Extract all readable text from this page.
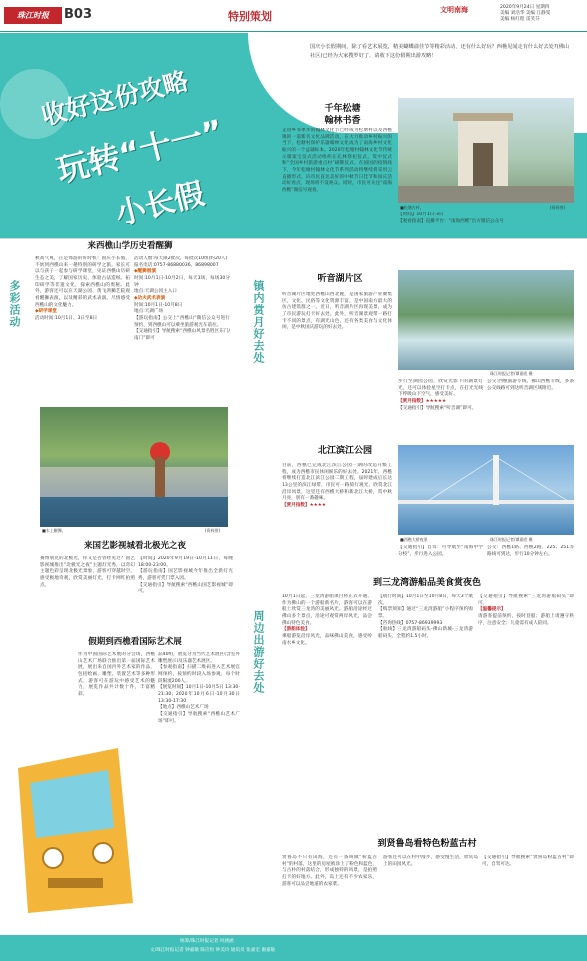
珠江时报	B03	特别策划	文明南海	2020年9月24日 星期四
美编 刘浩华 美编 江静雯
美编 杨红程 雷笑芬
国庆小长假期间，除了看艺术展览，精美蝴蝶溢佳节等精彩活动，还有什么好玩？西樵见闻走有什么好去处?(佛山社区)已经为大家搜罗好了，请收下这份假期出游攻略！
收好这份攻略
玩转“十一”
小长假
千年松塘
翰林书香
走进乡书单步的翰林文化节已经成为松塘村以及西樵镇的一道新名文化品牌活动，在大力推动乡村振兴的当下，松塘村保护乐器翰林文化成为了南海乡村文化振兴的一个益辅标本。2020年松塘村翰林文化节传统示模案宝仪式活动组织在孔林祭祀仪式，赏中仪式和“全国乡村旅游重点村”刷牌仪式。在国国的疫情线下，今年松塘村翰林文化节系列活动将继续将采用云直播形式，向市民直达美好的中秋节日佳节和国庆活动好看点，现场将不设观众。同时，市民可关注“南海西樵”微信号观看。
■松塘古村。	(资料图)
【时间】10月1日-3日
【观看指南】直播平台：“南海西樵”官方微信公众号
多彩活动
来西樵山学历史看醒狮
秋高气爽，正是郊游的好时机！国庆小长假，不妨到西樵山来一趟特别的研学之旅。家长可以与孩子一起参与研学课堂，见证西樵山历研生态之美，了解国家历史、体验古法造纸、拓印研学等非遗文化，探索西樵山的奥秘。此外，游客还可以在天湖公园、黄飞鸿狮艺院观看醒狮表演，以及精彩的武术表演，尽情感受西樵山的文化魅力。
◆研学课堂
活动时间:10月1日、3日至8日
活动人数:每天限2批次，每批次10组(约20人)
报名电话:0757-86880036、86898007
◆醒狮展演
时间:10月1日-10月2日，每天3场，每场30分钟
地点:天湖公园主入口
◆功夫武术表演
时间:10月1日-10月8日
地点:天湖广场
【游玩指南】公交上“西樵山”微信公众号进行预约，到西樵山可以乘坐旅游观光车前往。
【交通指引】导航搜索“西樵山风景名胜区东门/南门”即可
■水上醒狮。	(资料图)
镇内赏月好去处
听音湖片区
听音湖片区地处西樵山西北麓，是国家旅游产业聚集区，文化、民俗等文化资源丰富，是中国南方最大的仿古建筑群之一。近日，听音湖片区再现美景，成为了市民游玩打卡好去处。此外，听音湖景观带一路打卡不同的景点，有湖光山色，还有各类美食与文化休闲，是中秋国庆游玩的好去处。
珠江时报记者/谭嘉欣 摄
步行至湖园公园，欣赏光影下的湖景灯光，还可以体验星空打卡点，在打光光线下呼吸山下空气，感受美好。
【赏月指数】★★★★★
【交通指引】导航搜索“听音湖”即可。
公交:西樵旅游专线、佛山西樵专线，多条公交线路可到达听音湖区域附近。
北江滨江公园
目前，西樵已完成北江滨江公园一期的改造升级工程，成为西樵市民休闲娱乐的好去处。2021年，西樵将继续打造北江滨江公园二期工程，届时建成后长达13公里的滨江绿带，市民可一路骑行观光，欣赏北江沿岸风景，这里还有西樵大桥和新北江大桥，赏中秋月亮，别有一番趣味。
【赏月指数】★★★★
■西樵大桥夜景	珠江时报记者/谭嘉欣 摄
【交通指引】自驾：可导航至“南海中学分校”，步行进入公园。
公交：西樵1路、西樵2路、225、251等路线可到达，步行10分钟左右。
来国艺影视城看北极光之夜
赛博朋克的北极光，你又是否曾经见过？国艺影视城推出“北极光之夜”主题灯光秀，以奇幻主题色彩呈现北极光景象，游客可穿越时空，感受极地奇观，欣赏美丽灯光，打卡网红拍照点。
【时间】2020年9月19日-10月11日，每晚18:00-23:00。
【游玩指南】国艺影视城今年推出全新灯光秀，游客可凭门票入园。
【交通指引】导航搜索“西樵山国艺影视城”即可。
假期到西樵看国际艺术展
作为中国国际艺术展的分会场，西樵山艺术广场联合推出第一届国际艺术展，展出来自国内外艺术家的作品，包括绘画、雕塑、装置艺术等多种形式，游客可在游玩中感受艺术的魅力，展览作品共计数十件，丰富精彩。
品40组，展览分为当代艺术展区(含室外雕塑展示)及乐器艺术展区。
【参观指南】扫描二维码进入艺术展官网预约，按预约时段入场参观，每个时段限流200人。
【展览时间】10月1日-10月5日 13:30-21:30；2020年10月6日-10月30日 13:30-17:30
【地点】西樵山艺术广场
【交通指引】导航搜索“西樵山艺术广场”即可。
周边出游好去处
到三龙湾游船品美食赏夜色
10月1日起，三龙湾游船项目将正式开通，作为佛山的一个游船新名片，游客可以在游船上欣赏三龙湾的美丽风光。游船沿途经过佛山多个景点，沿途可观赏两岸风光，品尝佛山特色美食。
【游船体验】
乘船游览沿岸风光，品味佛山美食，感受岭南水乡文化。
【航行时间】10月1日至10月8日，每天3个航次。
【购票须知】通过“三龙湾游船”小程序预约购票。
【咨询热线】0757-86939993
【航线】三龙湾游船码头-佛山新城-三龙湾游船码头，全程约1.5小时。
【交通指引】导航搜索“三龙湾游船码头”即可。
【温馨提示】
请游客提前预约，按时登船；游船上请遵守秩序，注意安全；儿童需有成人陪同。
到贤鲁岛看特色粉蓝古村
贤鲁岛不只有田海，还有一条叫做“粉蓝古村”的村落，这里的房屋被涂上了粉色和蓝色，与古朴的村落结合，形成独特的风景，是拍照打卡的好地方。此外，岛上还有不少农家乐，游客可以品尝地道的农家菜。
游客还可以在村中漫步，感受慢生活，欣赏岛上的田园风光。
【交通指引】导航搜索“贤鲁岛粉蓝古村”即可，自驾可达。
统筹/珠江时报记者 何涵涵
文/珠江时报记者 钟嘉敏 陈应恒 钟美玲 通讯员 张嘉宏 谢嘉敏
